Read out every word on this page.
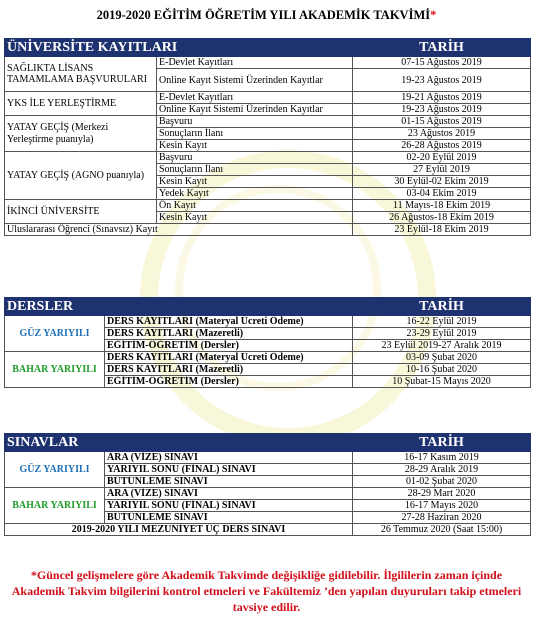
2019-2020 EĞİTİM ÖĞRETİM YILI AKADEMİK TAKVİMİ*
ÜNİVERSİTE KAYITLARI		TARİH
SAĞLIKTA LİSANS TAMAMLAMA BAŞVURULARI	E-Devlet Kayıtları	07-15 Ağustos 2019
	Online Kayıt Sistemi Üzerinden Kayıtlar	19-23 Ağustos 2019
YKS İLE YERLEŞTİRME	E-Devlet Kayıtları	19-21 Ağustos 2019
	Online Kayıt Sistemi Üzerinden Kayıtlar	19-23 Ağustos 2019
YATAY GEÇİŞ (Merkezi Yerleştirme puanıyla)	Başvuru	01-15 Ağustos 2019
	Sonuçların İlanı	23 Ağustos 2019
	Kesin Kayıt	26-28 Ağustos 2019
YATAY GEÇİŞ (AGNO puanıyla)	Başvuru	02-20 Eylül 2019
	Sonuçların İlanı	27 Eylül 2019
	Kesin Kayıt	30 Eylül-02 Ekim 2019
	Yedek Kayıt	03-04 Ekim 2019
İKİNCİ ÜNİVERSİTE	Ön Kayıt	11 Mayıs-18 Ekim 2019
	Kesin Kayıt	26 Ağustos-18 Ekim 2019
Uluslararası Öğrenci (Sınavsız) Kayıt		23 Eylül-18 Ekim 2019
DERSLER		TARİH
GÜZ YARIYILI	DERS KAYITLARI (Materyal Ücreti Ödeme)	16-22 Eylül 2019
	DERS KAYITLARI (Mazeretli)	23-29 Eylül 2019
	EĞİTİM-ÖĞRETİM (Dersler)	23 Eylül 2019-27 Aralık 2019
BAHAR YARIYILI	DERS KAYITLARI (Materyal Ücreti Ödeme)	03-09 Şubat 2020
	DERS KAYITLARI (Mazeretli)	10-16 Şubat 2020
	EĞİTİM-ÖĞRETİM (Dersler)	10 Şubat-15 Mayıs 2020
SINAVLAR		TARİH
GÜZ YARIYILI	ARA (VİZE) SINAVI	16-17 Kasım 2019
	YARIYIL SONU (FİNAL) SINAVI	28-29 Aralık 2019
	BÜTÜNLEME SINAVI	01-02 Şubat 2020
BAHAR YARIYILI	ARA (VİZE) SINAVI	28-29 Mart 2020
	YARIYIL SONU (FİNAL) SINAVI	16-17 Mayıs 2020
	BÜTÜNLEME SINAVI	27-28 Haziran 2020
2019-2020 YILI MEZUNİYET ÜÇ DERS SINAVI		26 Temmuz 2020 (Saat 15:00)
*Güncel gelişmelere göre Akademik Takvimde değişikliğe gidilebilir. İlgililerin zaman içinde Akademik Takvim bilgilerini kontrol etmeleri ve Fakültemiz ’den yapılan duyuruları takip etmeleri tavsiye edilir.
